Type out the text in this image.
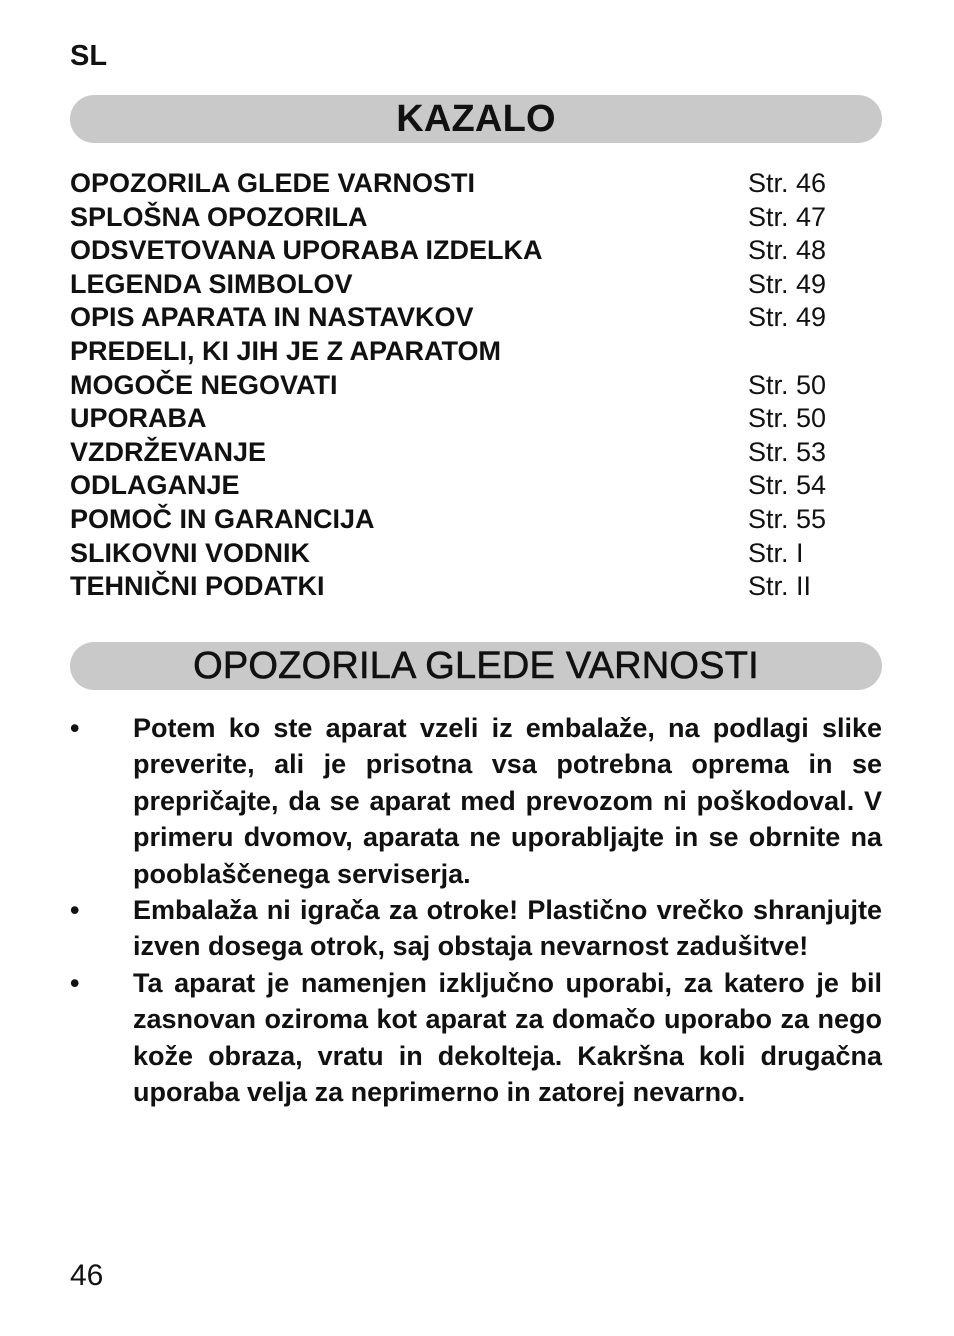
SL
KAZALO
OPOZORILA GLEDE VARNOSTI	Str. 46
SPLOŠNA OPOZORILA	Str. 47
ODSVETOVANA UPORABA IZDELKA	Str. 48
LEGENDA SIMBOLOV	Str. 49
OPIS APARATA IN NASTAVKOV	Str. 49
PREDELI, KI JIH JE Z APARATOM
MOGOČE NEGOVATI	Str. 50
UPORABA	Str. 50
VZDRŽEVANJE	Str. 53
ODLAGANJE	Str. 54
POMOČ IN GARANCIJA	Str. 55
SLIKOVNI VODNIK	Str. I
TEHNIČNI PODATKI	Str. II
OPOZORILA GLEDE VARNOSTI
• Potem ko ste aparat vzeli iz embalaže, na podlagi slike preverite, ali je prisotna vsa potrebna oprema in se prepričajte, da se aparat med prevozom ni poškodoval. V primeru dvomov, aparata ne uporabljajte in se obrnite na pooblaščenega serviserja.
• Embalaža ni igrača za otroke! Plastično vrečko shranjujte izven dosega otrok, saj obstaja nevarnost zadušitve!
• Ta aparat je namenjen izključno uporabi, za katero je bil zasnovan oziroma kot aparat za domačo uporabo za nego kože obraza, vratu in dekolteja. Kakršna koli drugačna uporaba velja za neprimerno in zatorej nevarno.
46
